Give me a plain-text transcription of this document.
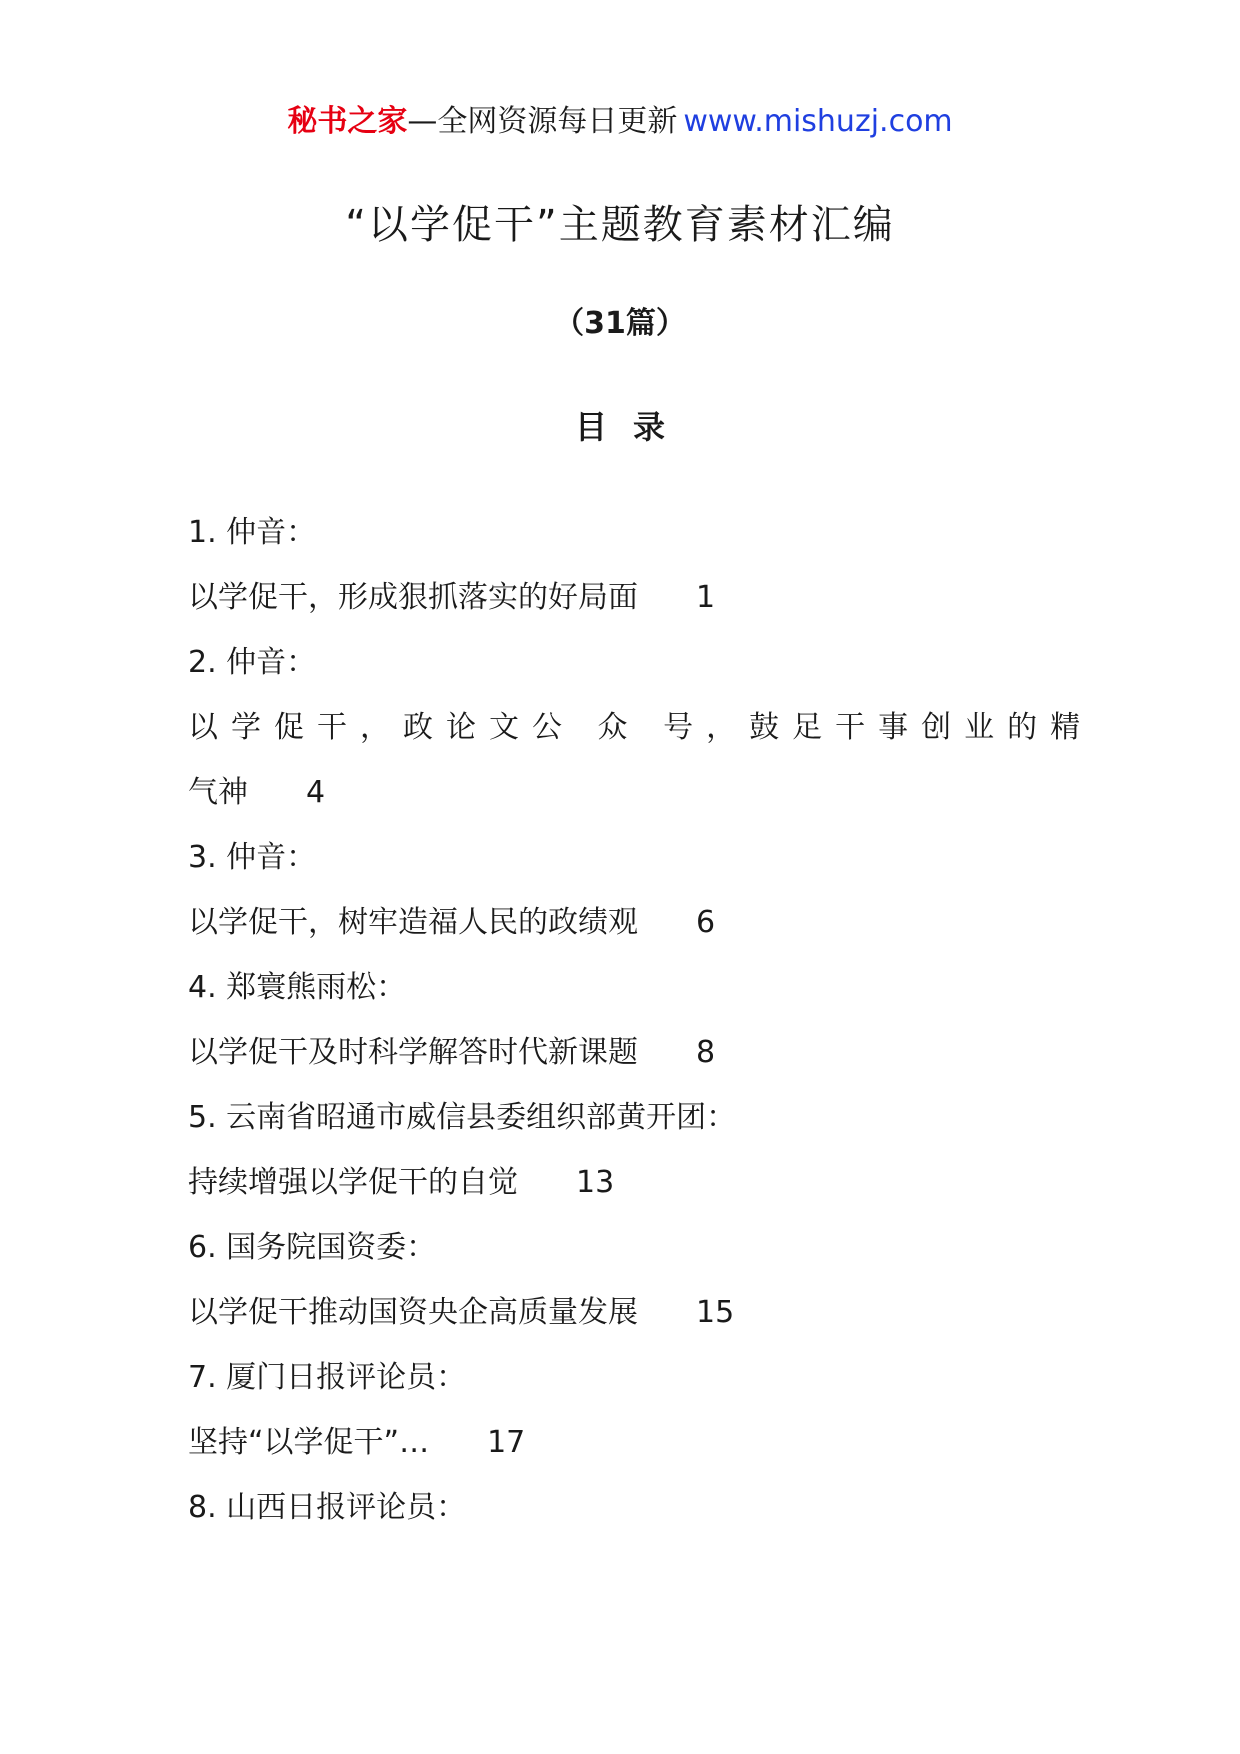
秘书之家—全网资源每日更新 www.mishuzj.com
“以学促干”主题教育素材汇编
（31篇）
目录
1. 仲音：
以学促干，形成狠抓落实的好局面 1
2. 仲音：
以学促干，政论文公 众 号，鼓足干事创业的精
气神 4
3. 仲音：
以学促干，树牢造福人民的政绩观 6
4. 郑寰熊雨松：
以学促干及时科学解答时代新课题 8
5. 云南省昭通市威信县委组织部黄开团：
持续增强以学促干的自觉 13
6. 国务院国资委：
以学促干推动国资央企高质量发展 15
7. 厦门日报评论员：
坚持“以学促干”… 17
8. 山西日报评论员：
